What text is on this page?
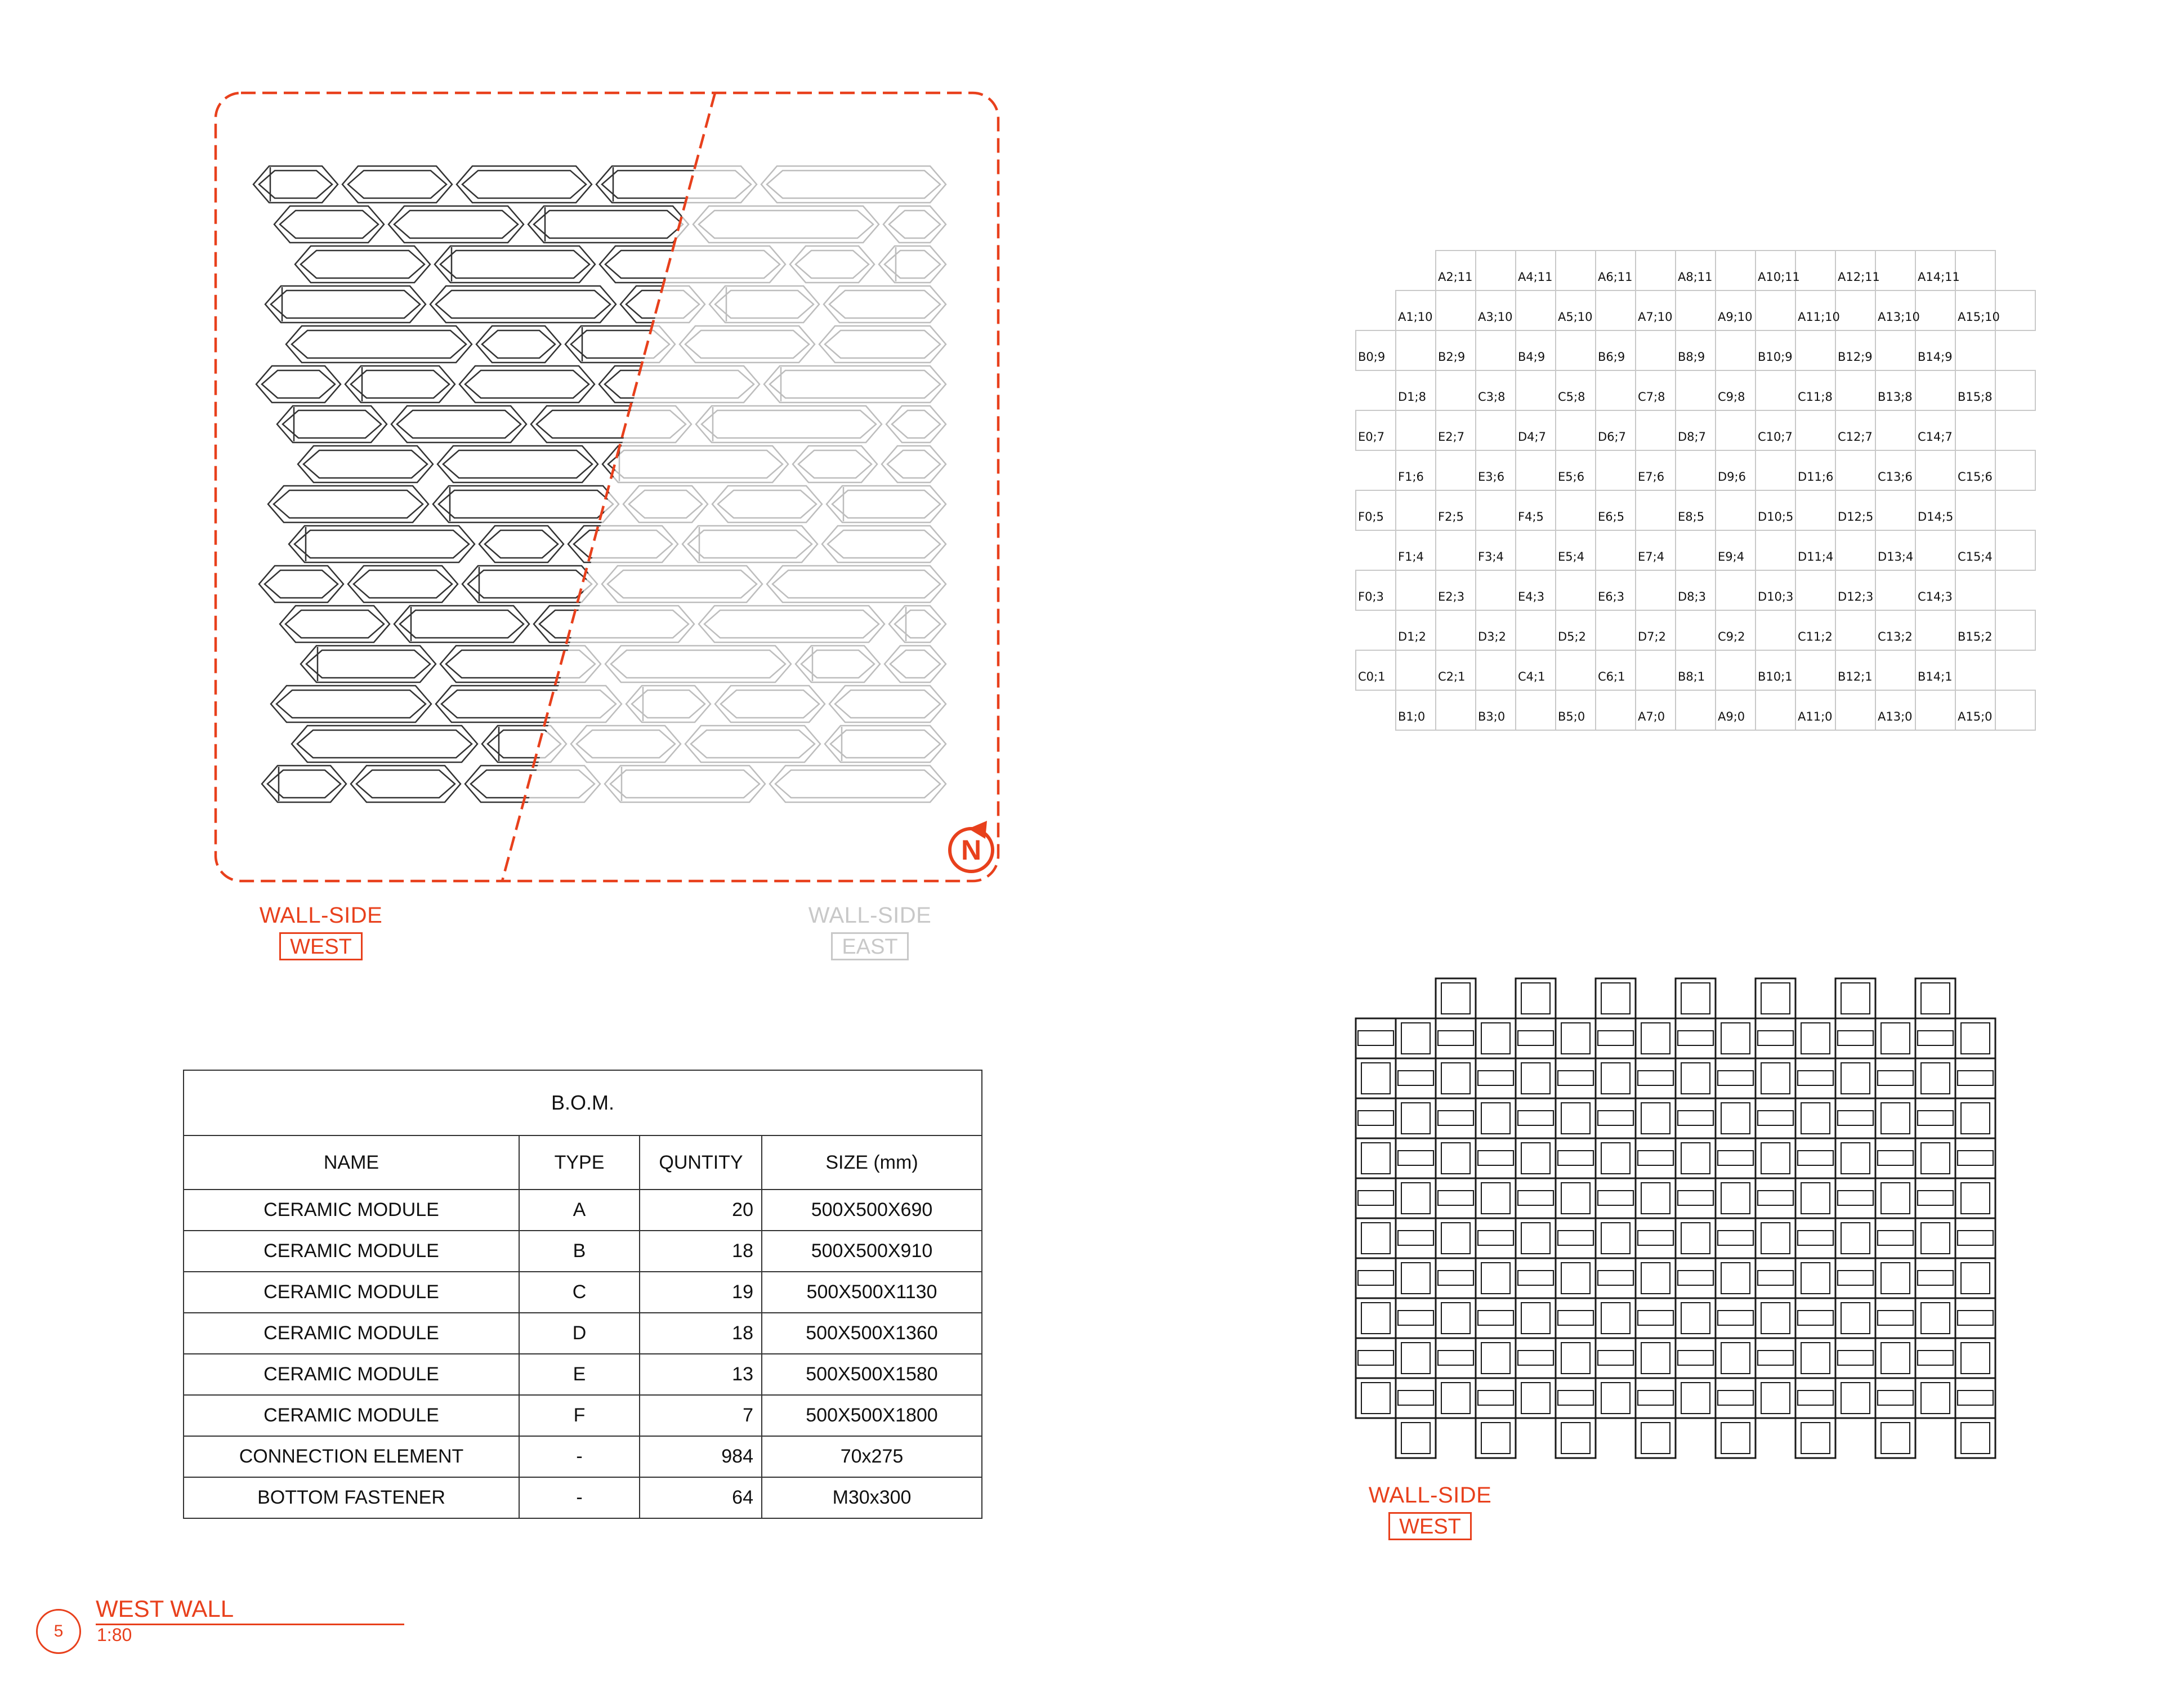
N
WALL-SIDE
WEST
WALL-SIDE
EAST
A2;11	A4;11	A6;11	A8;11	A10;11	A12;11	A14;11
A1;10	A3;10	A5;10	A7;10	A9;10	A11;10	A13;10	A15;10
B0;9	B2;9	B4;9	B6;9	B8;9	B10;9	B12;9	B14;9
D1;8	C3;8	C5;8	C7;8	C9;8	C11;8	B13;8	B15;8
E0;7	E2;7	D4;7	D6;7	D8;7	C10;7	C12;7	C14;7
F1;6	E3;6	E5;6	E7;6	D9;6	D11;6	C13;6	C15;6
F0;5	F2;5	F4;5	E6;5	E8;5	D10;5	D12;5	D14;5
F1;4	F3;4	E5;4	E7;4	E9;4	D11;4	D13;4	C15;4
F0;3	E2;3	E4;3	E6;3	D8;3	D10;3	D12;3	C14;3
D1;2	D3;2	D5;2	D7;2	C9;2	C11;2	C13;2	B15;2
C0;1	C2;1	C4;1	C6;1	B8;1	B10;1	B12;1	B14;1
B1;0	B3;0	B5;0	A7;0	A9;0	A11;0	A13;0	A15;0
WALL-SIDE
WEST
B.O.M.			
NAME	TYPE	QUNTITY	SIZE (mm)
CERAMIC MODULE	A	20	500X500X690
CERAMIC MODULE	B	18	500X500X910
CERAMIC MODULE	C	19	500X500X1130
CERAMIC MODULE	D	18	500X500X1360
CERAMIC MODULE	E	13	500X500X1580
CERAMIC MODULE	F	7	500X500X1800
CONNECTION ELEMENT	-	984	70x275
BOTTOM FASTENER	-	64	M30x300
5
WEST WALL
1:80
